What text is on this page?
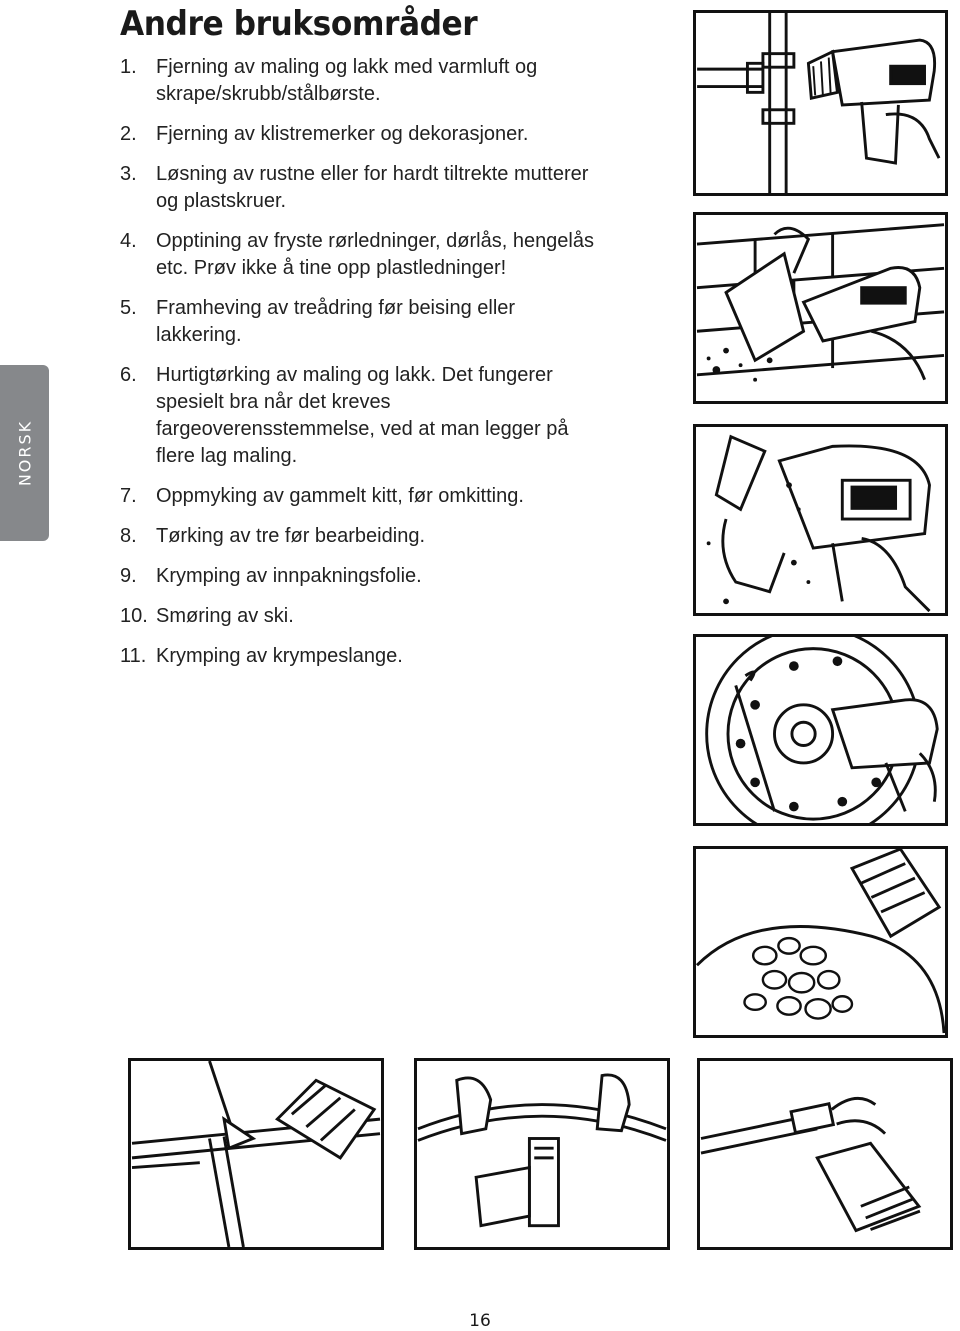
Andre bruksområder
1. Fjerning av maling og lakk med varmluft og skrape/skrubb/stålbørste.
2. Fjerning av klistremerker og dekorasjoner.
3. Løsning av rustne eller for hardt tiltrekte mutterer og plastskruer.
4. Opptining av fryste rørledninger, dørlås, hengelås etc. Prøv ikke å tine opp plastledninger!
5. Framheving av treådring før beising eller lakkering.
6. Hurtigtørking av maling og lakk. Det fungerer spesielt bra når det kreves fargeoverensstemmelse, ved at man legger på flere lag maling.
7. Oppmyking av gammelt kitt, før omkitting.
8. Tørking av tre før bearbeiding.
9. Krymping av innpakningsfolie.
10. Smøring av ski.
11. Krymping av krympeslange.
NORSK
16
